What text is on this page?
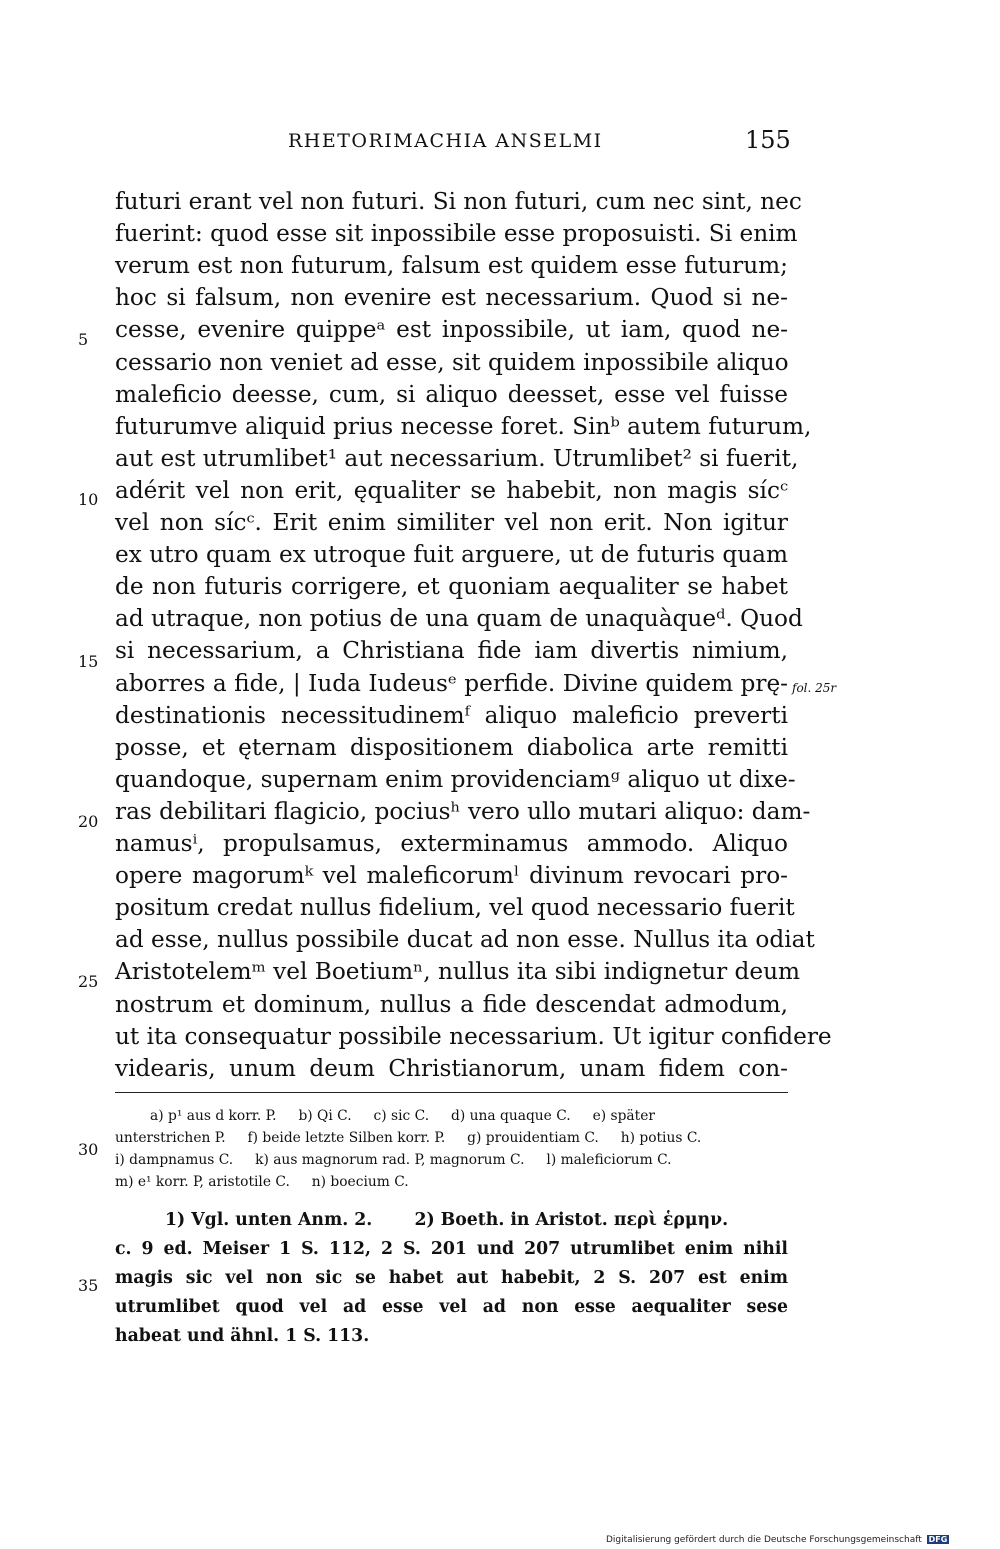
RHETORIMACHIA ANSELMI	155
futuri erant vel non futuri. Si non futuri, cum nec sint, nec
fuerint: quod esse sit inpossibile esse proposuisti. Si enim
verum est non futurum, falsum est quidem esse futurum;
hoc si falsum, non evenire est necessarium. Quod si ne-
cesse, evenire quippeᵃ est inpossibile, ut iam, quod ne-
cessario non veniet ad esse, sit quidem inpossibile aliquo
maleficio deesse, cum, si aliquo deesset, esse vel fuisse
futurumve aliquid prius necesse foret. Sinᵇ autem futurum,
aut est utrumlibet¹ aut necessarium. Utrumlibet² si fuerit,
adérit vel non erit, ęqualiter se habebit, non magis sícᶜ
vel non sícᶜ. Erit enim similiter vel non erit. Non igitur
ex utro quam ex utroque fuit arguere, ut de futuris quam
de non futuris corrigere, et quoniam aequaliter se habet
ad utraque, non potius de una quam de unaquàqueᵈ. Quod
si necessarium, a Christiana fide iam divertis nimium,
aborres a fide, | Iuda Iudeusᵉ perfide. Divine quidem prę-
destinationis necessitudinemᶠ aliquo maleficio preverti
posse, et ęternam dispositionem diabolica arte remitti
quandoque, supernam enim providenciamᵍ aliquo ut dixe-
ras debilitari flagicio, pociusʰ vero ullo mutari aliquo: dam-
namusⁱ, propulsamus, exterminamus ammodo. Aliquo
opere magorumᵏ vel maleficorumˡ divinum revocari pro-
positum credat nullus fidelium, vel quod necessario fuerit
ad esse, nullus possibile ducat ad non esse. Nullus ita odiat
Aristotelemᵐ vel Boetiumⁿ, nullus ita sibi indignetur deum
nostrum et dominum, nullus a fide descendat admodum,
ut ita consequatur possibile necessarium. Ut igitur confidere
videaris, unum deum Christianorum, unam fidem con-
5
10
15
20
25
30
35
fol. 25r
a) p¹ aus d korr. P.     b) Qi C.     c) sic C.     d) una quaque C.     e) später
unterstrichen P.     f) beide letzte Silben korr. P.     g) prouidentiam C.     h) potius C.
i) dampnamus C.     k) aus magnorum rad. P, magnorum C.     l) maleficiorum C.
m) e¹ korr. P, aristotile C.     n) boecium C.
1) Vgl. unten Anm. 2.       2) Boeth. in Aristot. περὶ ἑρμην.
c. 9 ed. Meiser 1 S. 112, 2 S. 201 und 207 utrumlibet enim nihil
magis sic vel non sic se habet aut habebit, 2 S. 207 est enim
utrumlibet quod vel ad esse vel ad non esse aequaliter sese
habeat und ähnl. 1 S. 113.
Digitalisierung gefördert durch die Deutsche Forschungsgemeinschaft DFG
